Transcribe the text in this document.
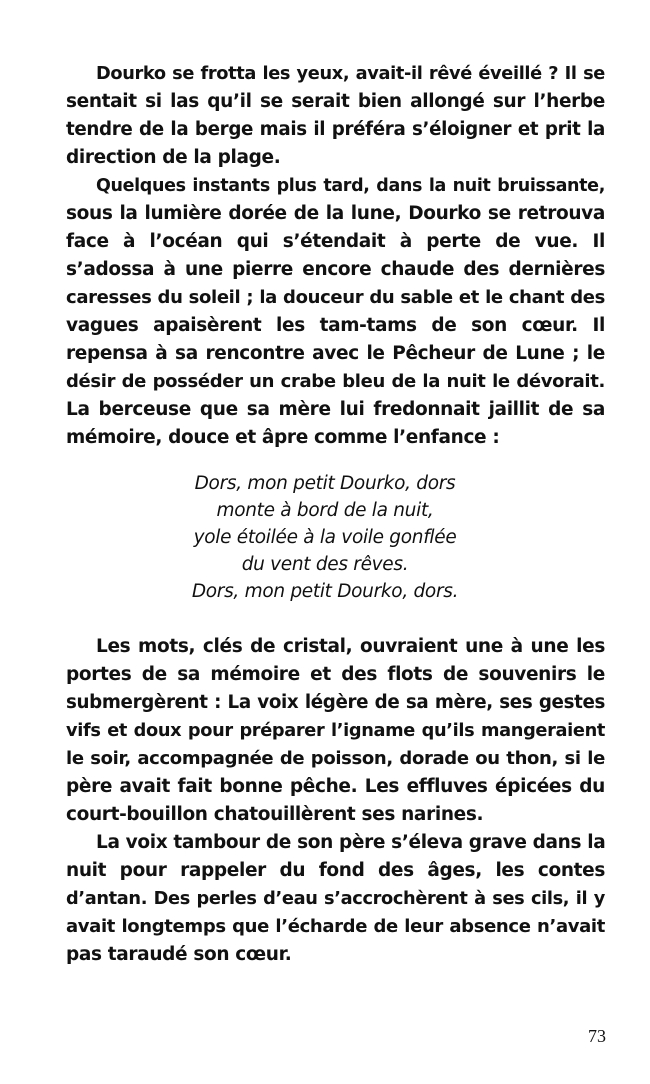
Dourko se frotta les yeux, avait-il rêvé éveillé ? Il se
sentait si las qu’il se serait bien allongé sur l’herbe
tendre de la berge mais il préféra s’éloigner et prit la
direction de la plage.
Quelques instants plus tard, dans la nuit bruissante,
sous la lumière dorée de la lune, Dourko se retrouva
face à l’océan qui s’étendait à perte de vue. Il
s’adossa à une pierre encore chaude des dernières
caresses du soleil ; la douceur du sable et le chant des
vagues apaisèrent les tam-tams de son cœur. Il
repensa à sa rencontre avec le Pêcheur de Lune ; le
désir de posséder un crabe bleu de la nuit le dévorait.
La berceuse que sa mère lui fredonnait jaillit de sa
mémoire, douce et âpre comme l’enfance :
Dors, mon petit Dourko, dors
monte à bord de la nuit,
yole étoilée à la voile gonflée
du vent des rêves.
Dors, mon petit Dourko, dors.
Les mots, clés de cristal, ouvraient une à une les
portes de sa mémoire et des flots de souvenirs le
submergèrent : La voix légère de sa mère, ses gestes
vifs et doux pour préparer l’igname qu’ils mangeraient
le soir, accompagnée de poisson, dorade ou thon, si le
père avait fait bonne pêche. Les effluves épicées du
court-bouillon chatouillèrent ses narines.
La voix tambour de son père s’éleva grave dans la
nuit pour rappeler du fond des âges, les contes
d’antan. Des perles d’eau s’accrochèrent à ses cils, il y
avait longtemps que l’écharde de leur absence n’avait
pas taraudé son cœur.
73
